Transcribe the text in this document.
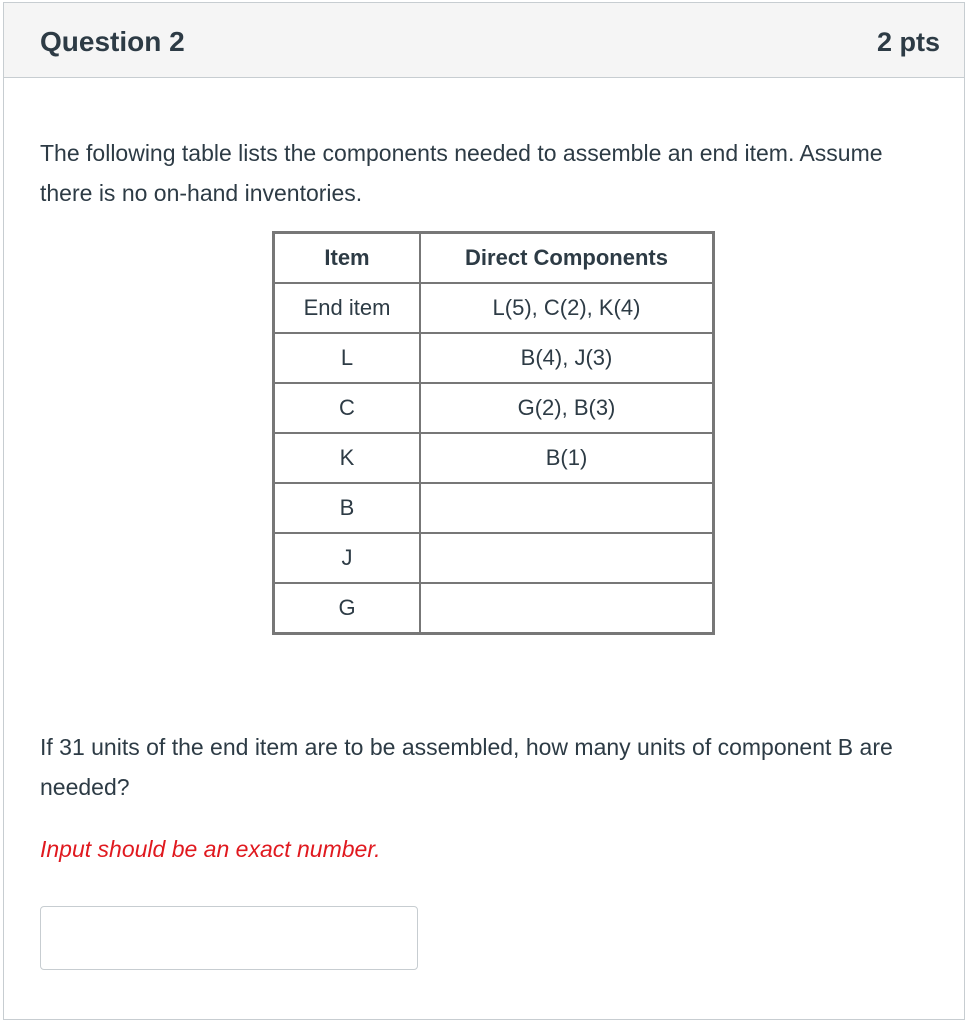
Question 2	2 pts

The following table lists the components needed to assemble an end item. Assume there is no on-hand inventories.

Item	Direct Components
End item	L(5), C(2), K(4)
L	B(4), J(3)
C	G(2), B(3)
K	B(1)
B	
J	
G	

If 31 units of the end item are to be assembled, how many units of component B are needed?

Input should be an exact number.
